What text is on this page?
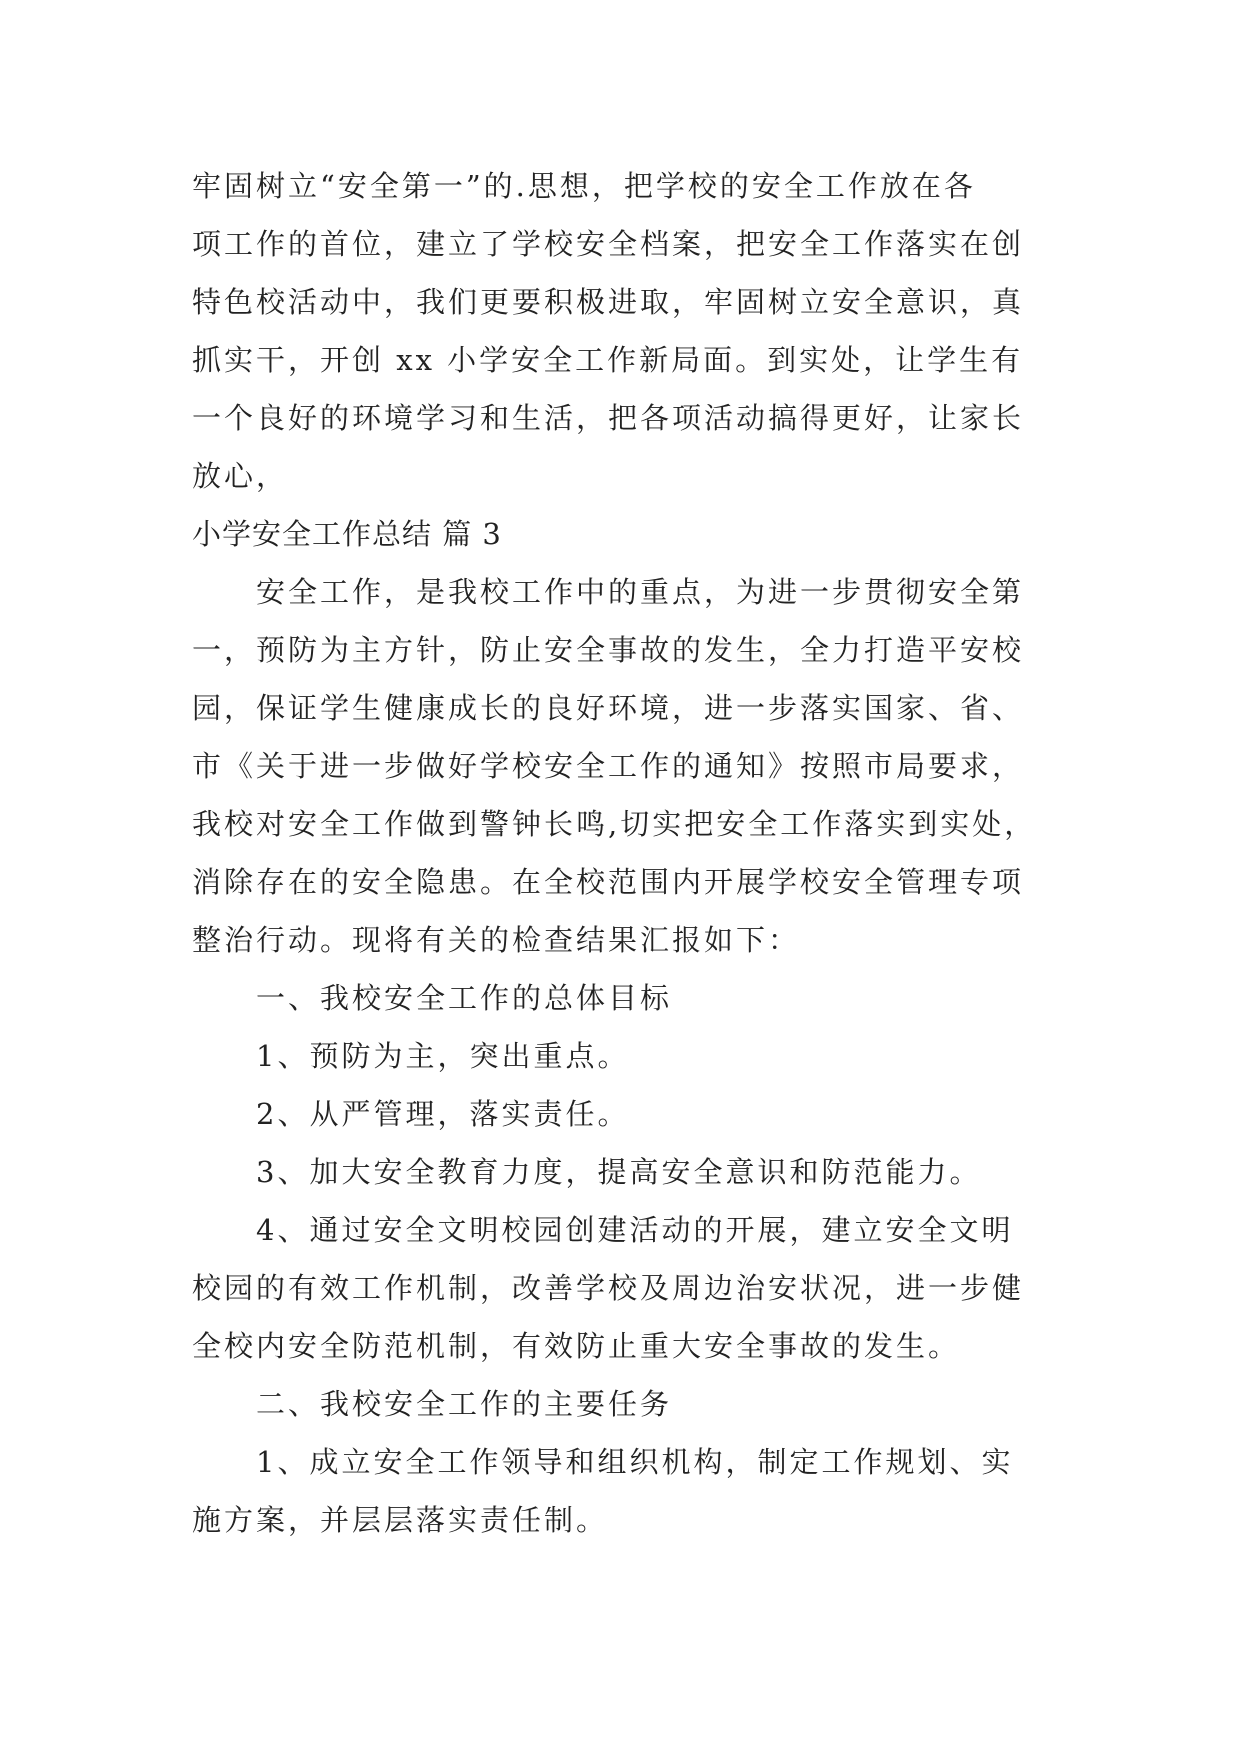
牢固树立“安全第一”的.思想，把学校的安全工作放在各
项工作的首位，建立了学校安全档案，把安全工作落实在创
特色校活动中，我们更要积极进取，牢固树立安全意识，真
抓实干，开创 xx 小学安全工作新局面。到实处，让学生有
一个良好的环境学习和生活，把各项活动搞得更好，让家长
放心，
小学安全工作总结 篇 3
安全工作，是我校工作中的重点，为进一步贯彻安全第
一，预防为主方针，防止安全事故的发生，全力打造平安校
园，保证学生健康成长的良好环境，进一步落实国家、省、
市《关于进一步做好学校安全工作的通知》按照市局要求，
我校对安全工作做到警钟长鸣,切实把安全工作落实到实处，
消除存在的安全隐患。在全校范围内开展学校安全管理专项
整治行动。现将有关的检查结果汇报如下：
一、我校安全工作的总体目标
1、预防为主，突出重点。
2、从严管理，落实责任。
3、加大安全教育力度，提高安全意识和防范能力。
4、通过安全文明校园创建活动的开展，建立安全文明
校园的有效工作机制，改善学校及周边治安状况，进一步健
全校内安全防范机制，有效防止重大安全事故的发生。
二、我校安全工作的主要任务
1、成立安全工作领导和组织机构，制定工作规划、实
施方案，并层层落实责任制。
